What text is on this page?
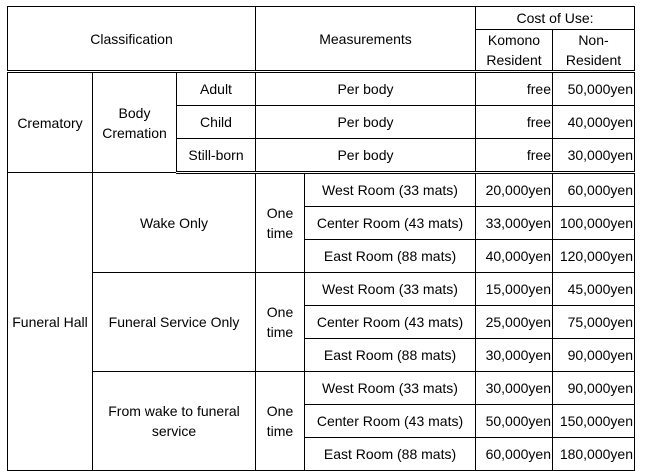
Classification			Measurements		Cost of Use:	
					Komono Resident	Non-Resident
Crematory	Body Cremation	Adult	Per body		free	50,000yen
		Child	Per body		free	40,000yen
		Still-born	Per body		free	30,000yen
Funeral Hall	Wake Only		One time	West Room (33 mats)	20,000yen	60,000yen
				Center Room (43 mats)	33,000yen	100,000yen
				East Room (88 mats)	40,000yen	120,000yen
	Funeral Service Only		One time	West Room (33 mats)	15,000yen	45,000yen
				Center Room (43 mats)	25,000yen	75,000yen
				East Room (88 mats)	30,000yen	90,000yen
	From wake to funeral service		One time	West Room (33 mats)	30,000yen	90,000yen
				Center Room (43 mats)	50,000yen	150,000yen
				East Room (88 mats)	60,000yen	180,000yen
